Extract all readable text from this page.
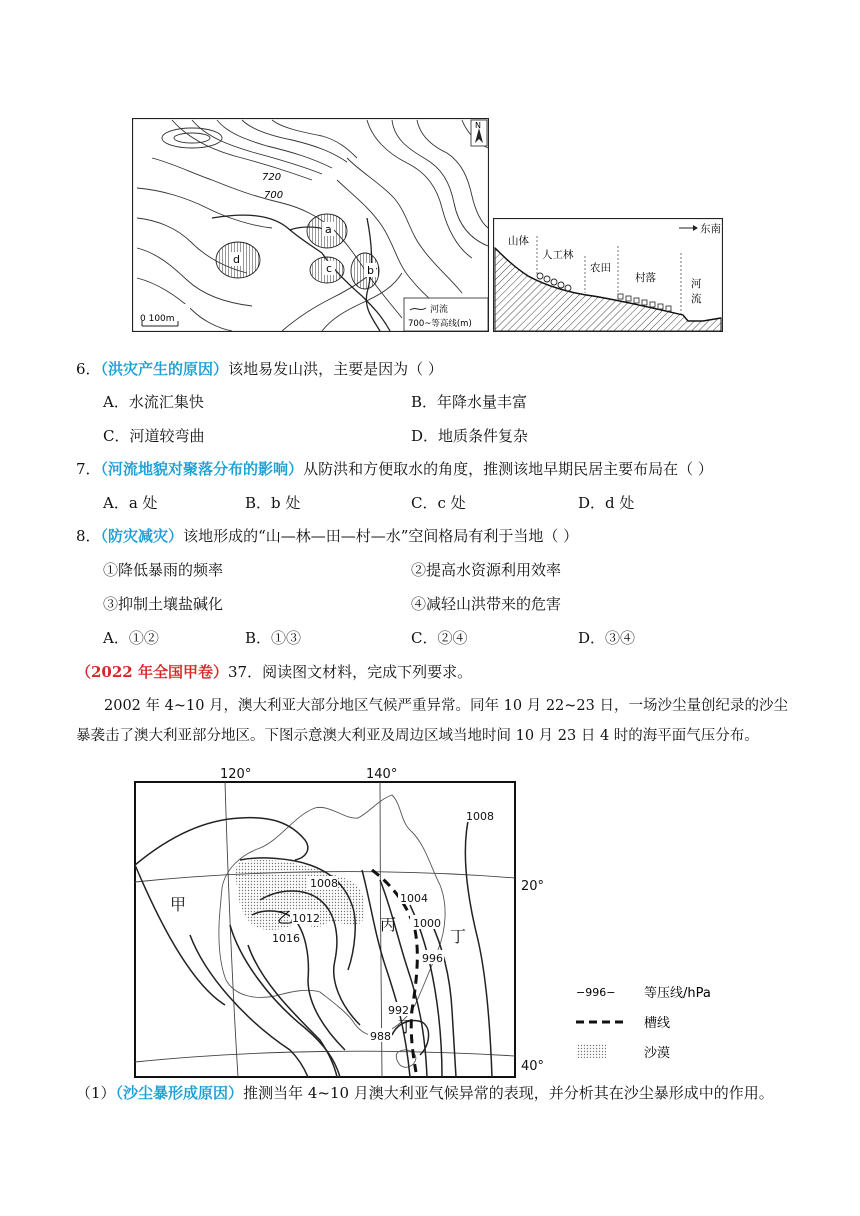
a
b
c
d
720
700
N
0 100m
河流
700~等高线(m)
东南
山体
人工林
农田
村落	河
流
6．（洪灾产生的原因）该地易发山洪，主要是因为（ ）
A．水流汇集快	B．年降水量丰富
C．河道较弯曲	D．地质条件复杂
7．（河流地貌对聚落分布的影响）从防洪和方便取水的角度，推测该地早期民居主要布局在（ ）
A．a 处	B．b 处	C．c 处	D．d 处
8．（防灾减灾）该地形成的“山—林—田—村—水”空间格局有利于当地（ ）
①降低暴雨的频率	②提高水资源利用效率
③抑制土壤盐碱化	④减轻山洪带来的危害
A．①②	B．①③	C．②④	D．③④
（2022 年全国甲卷）37．阅读图文材料，完成下列要求。
2002 年 4~10 月，澳大利亚大部分地区气候严重异常。同年 10 月 22~23 日，一场沙尘量创纪录的沙尘
暴袭击了澳大利亚部分地区。下图示意澳大利亚及周边区域当地时间 10 月 23 日 4 时的海平面气压分布。
120°	140°
20°
40°
1008
1008
1004
1000
996
992
988
1012
1016
甲
乙	丙
丁
丁
−996− 等压线/hPa
槽线
沙漠
（1）（沙尘暴形成原因）推测当年 4~10 月澳大利亚气候异常的表现，并分析其在沙尘暴形成中的作用。
